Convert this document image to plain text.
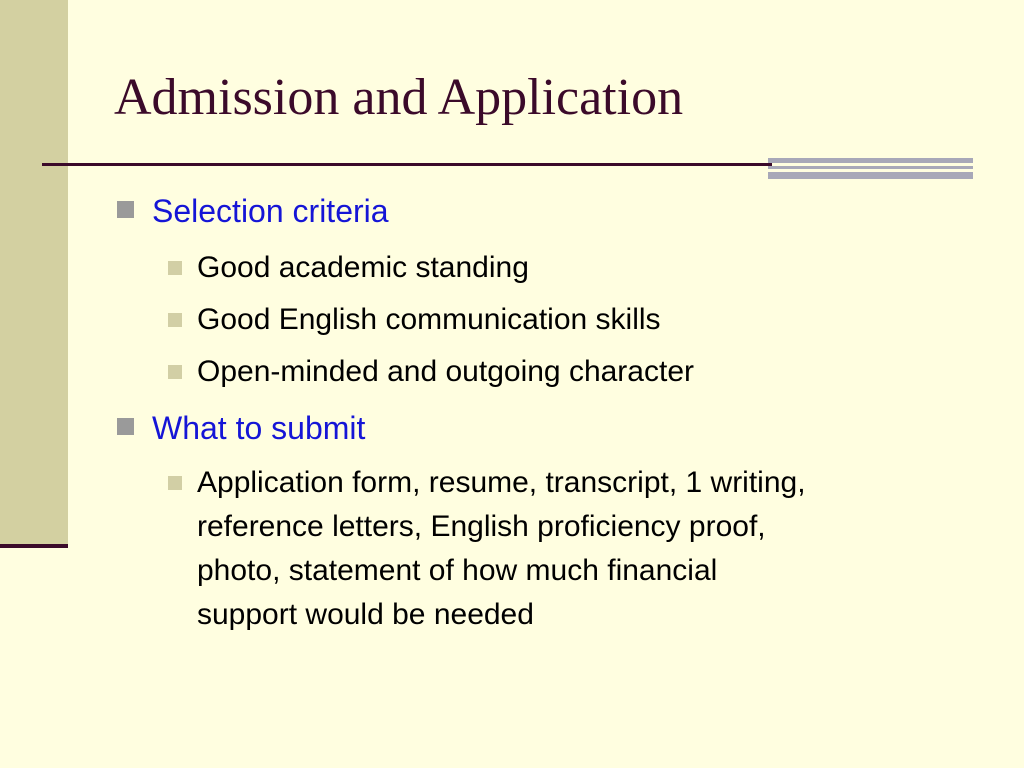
Admission and Application
Selection criteria
Good academic standing
Good English communication skills
Open-minded and outgoing character
What to submit
Application form, resume, transcript, 1 writing,
reference letters, English proficiency proof,
photo, statement of how much financial
support would be needed
